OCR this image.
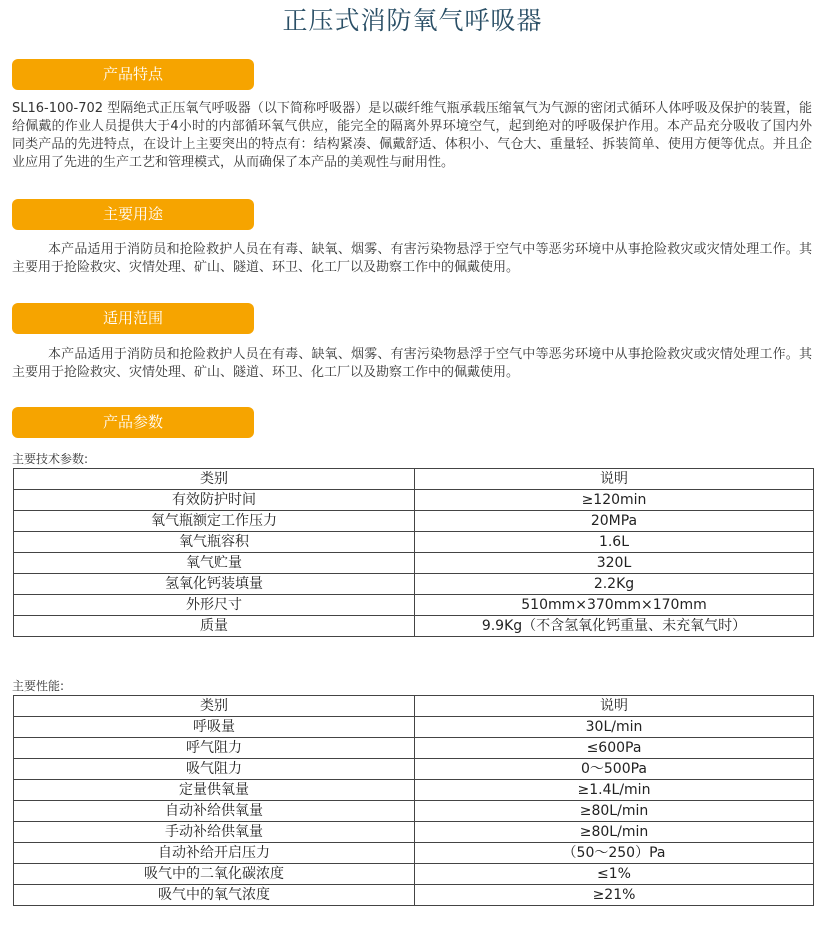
正压式消防氧气呼吸器
产品特点

SL16-100-702 型隔绝式正压氧气呼吸器（以下简称呼吸器）是以碳纤维气瓶承载压缩氧气为气源的密闭式循环人体呼吸及保护的装置，能给佩戴的作业人员提供大于4小时的内部循环氧气供应，能完全的隔离外界环境空气，起到绝对的呼吸保护作用。本产品充分吸收了国内外同类产品的先进特点，在设计上主要突出的特点有：结构紧凑、佩戴舒适、体积小、气仓大、重量轻、拆装简单、使用方便等优点。并且企业应用了先进的生产工艺和管理模式，从而确保了本产品的美观性与耐用性。

主要用途

本产品适用于消防员和抢险救护人员在有毒、缺氧、烟雾、有害污染物悬浮于空气中等恶劣环境中从事抢险救灾或灾情处理工作。其主要用于抢险救灾、灾情处理、矿山、隧道、环卫、化工厂以及勘察工作中的佩戴使用。

适用范围

本产品适用于消防员和抢险救护人员在有毒、缺氧、烟雾、有害污染物悬浮于空气中等恶劣环境中从事抢险救灾或灾情处理工作。其主要用于抢险救灾、灾情处理、矿山、隧道、环卫、化工厂以及勘察工作中的佩戴使用。

产品参数
主要技术参数:
类别	说明
有效防护时间	≥120min
氧气瓶额定工作压力	20MPa
氧气瓶容积	1.6L
氧气贮量	320L
氢氧化钙装填量	2.2Kg
外形尺寸	510mm×370mm×170mm
质量	9.9Kg（不含氢氧化钙重量、未充氧气时）
主要性能:
类别	说明
呼吸量	30L/min
呼气阻力	≤600Pa
吸气阻力	0～500Pa
定量供氧量	≥1.4L/min
自动补给供氧量	≥80L/min
手动补给供氧量	≥80L/min
自动补给开启压力	（50～250）Pa
吸气中的二氧化碳浓度	≤1%
吸气中的氧气浓度	≥21%
